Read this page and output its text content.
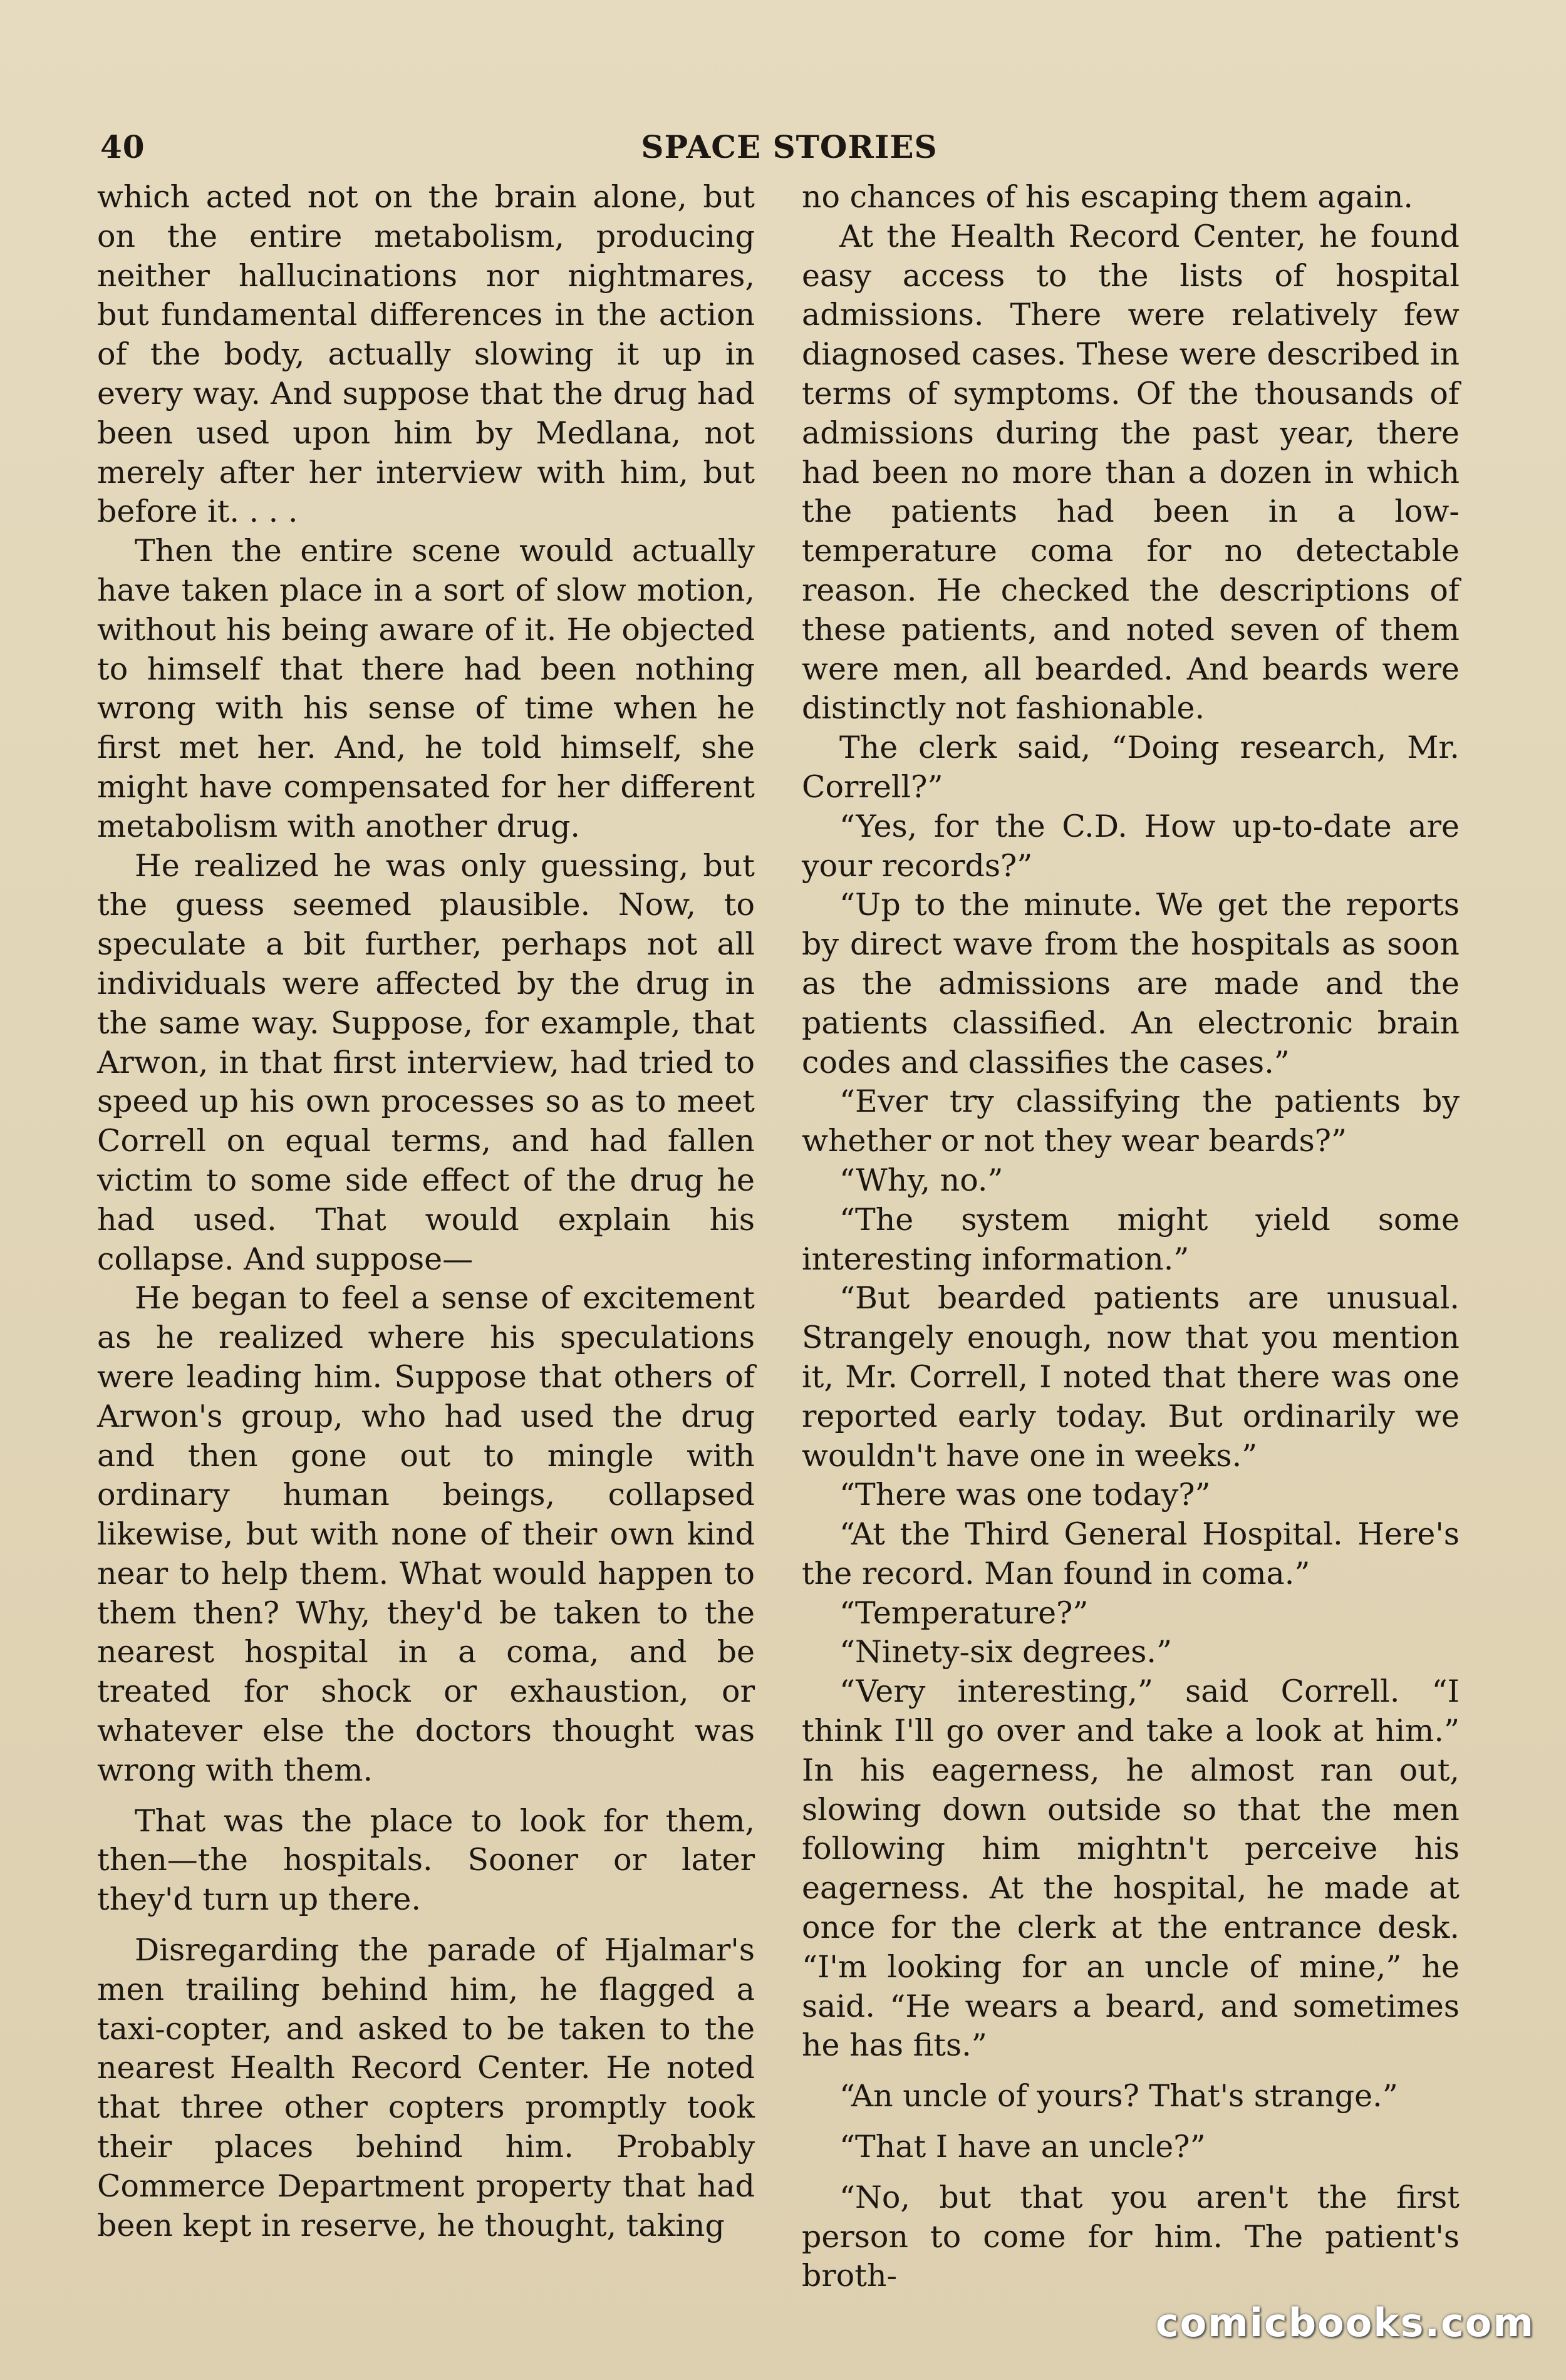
40	SPACE STORIES

which acted not on the brain alone, but on the entire metabolism, producing neither hallucinations nor nightmares, but fundamental differences in the action of the body, actually slowing it up in every way. And suppose that the drug had been used upon him by Medlana, not merely after her interview with him, but before it. . . .

Then the entire scene would actually have taken place in a sort of slow motion, without his being aware of it. He objected to himself that there had been nothing wrong with his sense of time when he first met her. And, he told himself, she might have compensated for her different metabolism with another drug.

He realized he was only guessing, but the guess seemed plausible. Now, to speculate a bit further, perhaps not all individuals were affected by the drug in the same way. Suppose, for example, that Arwon, in that first interview, had tried to speed up his own processes so as to meet Correll on equal terms, and had fallen victim to some side effect of the drug he had used. That would explain his collapse. And suppose—

He began to feel a sense of excitement as he realized where his speculations were leading him. Suppose that others of Arwon's group, who had used the drug and then gone out to mingle with ordinary human beings, collapsed likewise, but with none of their own kind near to help them. What would happen to them then? Why, they'd be taken to the nearest hospital in a coma, and be treated for shock or exhaustion, or whatever else the doctors thought was wrong with them.

That was the place to look for them, then—the hospitals. Sooner or later they'd turn up there.

Disregarding the parade of Hjalmar's men trailing behind him, he flagged a taxi-copter, and asked to be taken to the nearest Health Record Center. He noted that three other copters promptly took their places behind him. Probably Commerce Department property that had been kept in reserve, he thought, taking

no chances of his escaping them again.

At the Health Record Center, he found easy access to the lists of hospital admissions. There were relatively few diagnosed cases. These were described in terms of symptoms. Of the thousands of admissions during the past year, there had been no more than a dozen in which the patients had been in a low-temperature coma for no detectable reason. He checked the descriptions of these patients, and noted seven of them were men, all bearded. And beards were distinctly not fashionable.

The clerk said, “Doing research, Mr. Correll?”

“Yes, for the C.D. How up-to-date are your records?”

“Up to the minute. We get the reports by direct wave from the hospitals as soon as the admissions are made and the patients classified. An electronic brain codes and classifies the cases.”

“Ever try classifying the patients by whether or not they wear beards?”

“Why, no.”

“The system might yield some interesting information.”

“But bearded patients are unusual. Strangely enough, now that you mention it, Mr. Correll, I noted that there was one reported early today. But ordinarily we wouldn't have one in weeks.”

“There was one today?”

“At the Third General Hospital. Here's the record. Man found in coma.”

“Temperature?”

“Ninety-six degrees.”

“Very interesting,” said Correll. “I think I'll go over and take a look at him.” In his eagerness, he almost ran out, slowing down outside so that the men following him mightn't perceive his eagerness. At the hospital, he made at once for the clerk at the entrance desk. “I'm looking for an uncle of mine,” he said. “He wears a beard, and sometimes he has fits.”

“An uncle of yours? That's strange.”

“That I have an uncle?”

“No, but that you aren't the first person to come for him. The patient's broth-

comicbooks.com
